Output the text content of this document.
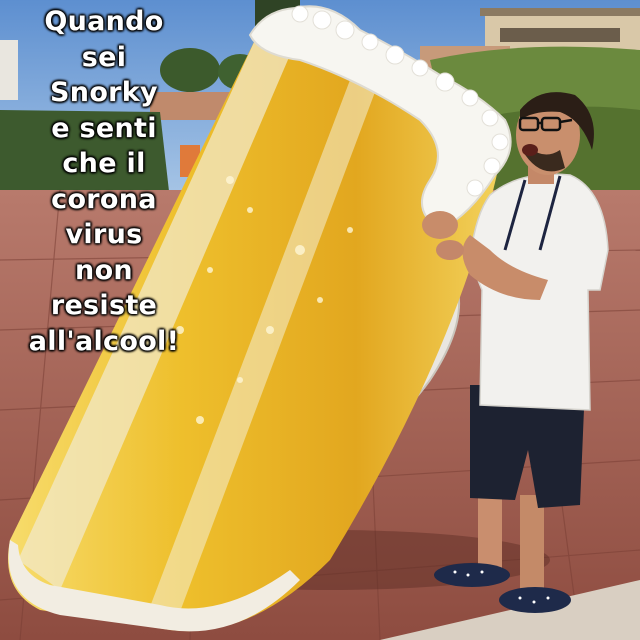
Quando
sei
Snorky
e senti
che il
corona
virus
non
resiste
all'alcool!
